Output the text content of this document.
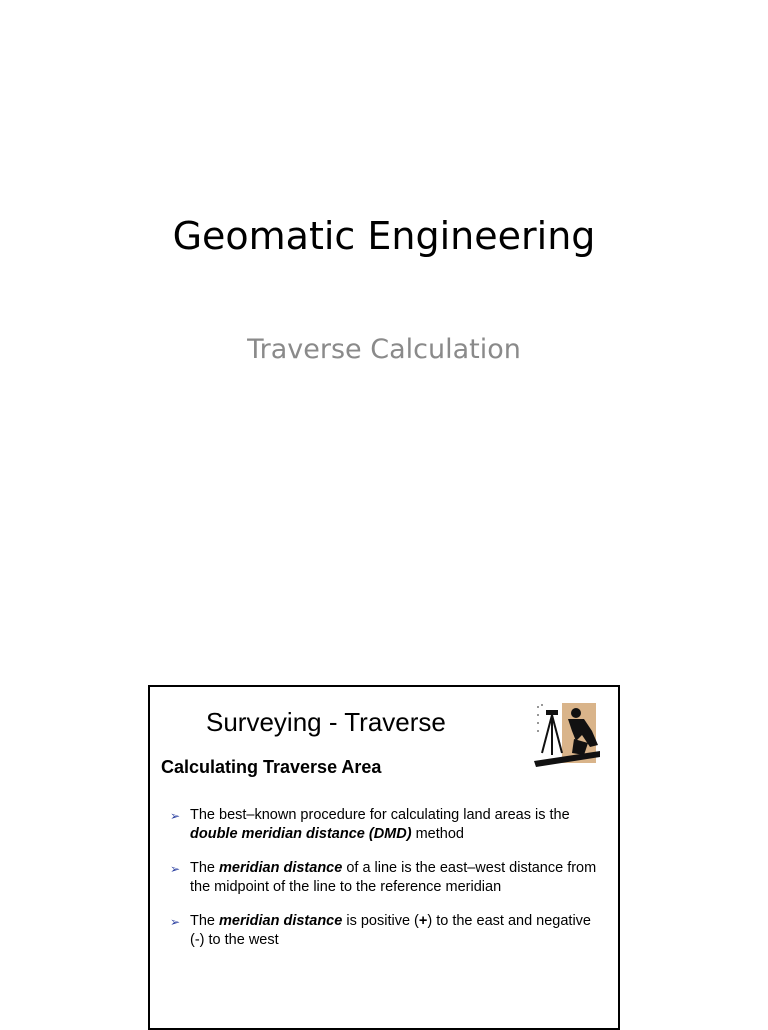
Geomatic Engineering
Traverse Calculation
Surveying - Traverse
Calculating Traverse Area
➢ The best–known procedure for calculating land areas is the double meridian distance (DMD) method
➢ The meridian distance of a line is the east–west distance from the midpoint of the line to the reference meridian
➢ The meridian distance is positive (+) to the east and negative (-) to the west
